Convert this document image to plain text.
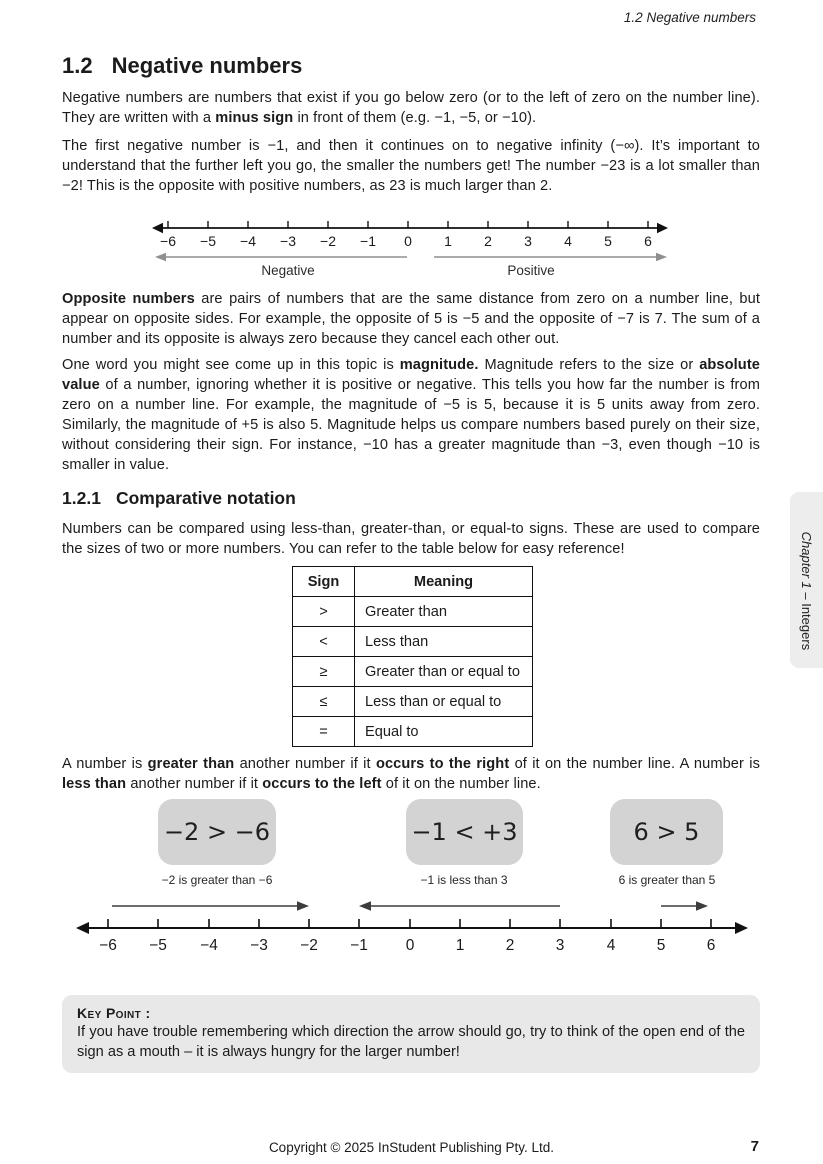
1.2 Negative numbers
1.2 Negative numbers

Negative numbers are numbers that exist if you go below zero (or to the left of zero on the number line). They are written with a minus sign in front of them (e.g. −1, −5, or −10).

The first negative number is −1, and then it continues on to negative infinity (−∞). It’s important to understand that the further left you go, the smaller the numbers get! The number −23 is a lot smaller than −2! This is the opposite with positive numbers, as 23 is much larger than 2.

−6 −5 −4 −3 −2 −1 0 1 2 3 4 5 6
Negative	Positive

Opposite numbers are pairs of numbers that are the same distance from zero on a number line, but appear on opposite sides. For example, the opposite of 5 is −5 and the opposite of −7 is 7. The sum of a number and its opposite is always zero because they cancel each other out.

One word you might see come up in this topic is magnitude. Magnitude refers to the size or absolute value of a number, ignoring whether it is positive or negative. This tells you how far the number is from zero on a number line. For example, the magnitude of −5 is 5, because it is 5 units away from zero. Similarly, the magnitude of +5 is also 5. Magnitude helps us compare numbers based purely on their size, without considering their sign. For instance, −10 has a greater magnitude than −3, even though −10 is smaller in value.

1.2.1 Comparative notation

Numbers can be compared using less-than, greater-than, or equal-to signs. These are used to compare the sizes of two or more numbers. You can refer to the table below for easy reference!

Sign	Meaning
>	Greater than
<	Less than
≥	Greater than or equal to
≤	Less than or equal to
=	Equal to

A number is greater than another number if it occurs to the right of it on the number line. A number is less than another number if it occurs to the left of it on the number line.

−2 > −6	−1 < +3	6 > 5
−2 is greater than −6	−1 is less than 3	6 is greater than 5
−6 −5 −4 −3 −2 −1 0	1	2	3	4	5	6
Key Point :
If you have trouble remembering which direction the arrow should go, try to think of the open end of the sign as a mouth – it is always hungry for the larger number!
Copyright © 2025 InStudent Publishing Pty. Ltd.	7

Chapter 1 – Integers
